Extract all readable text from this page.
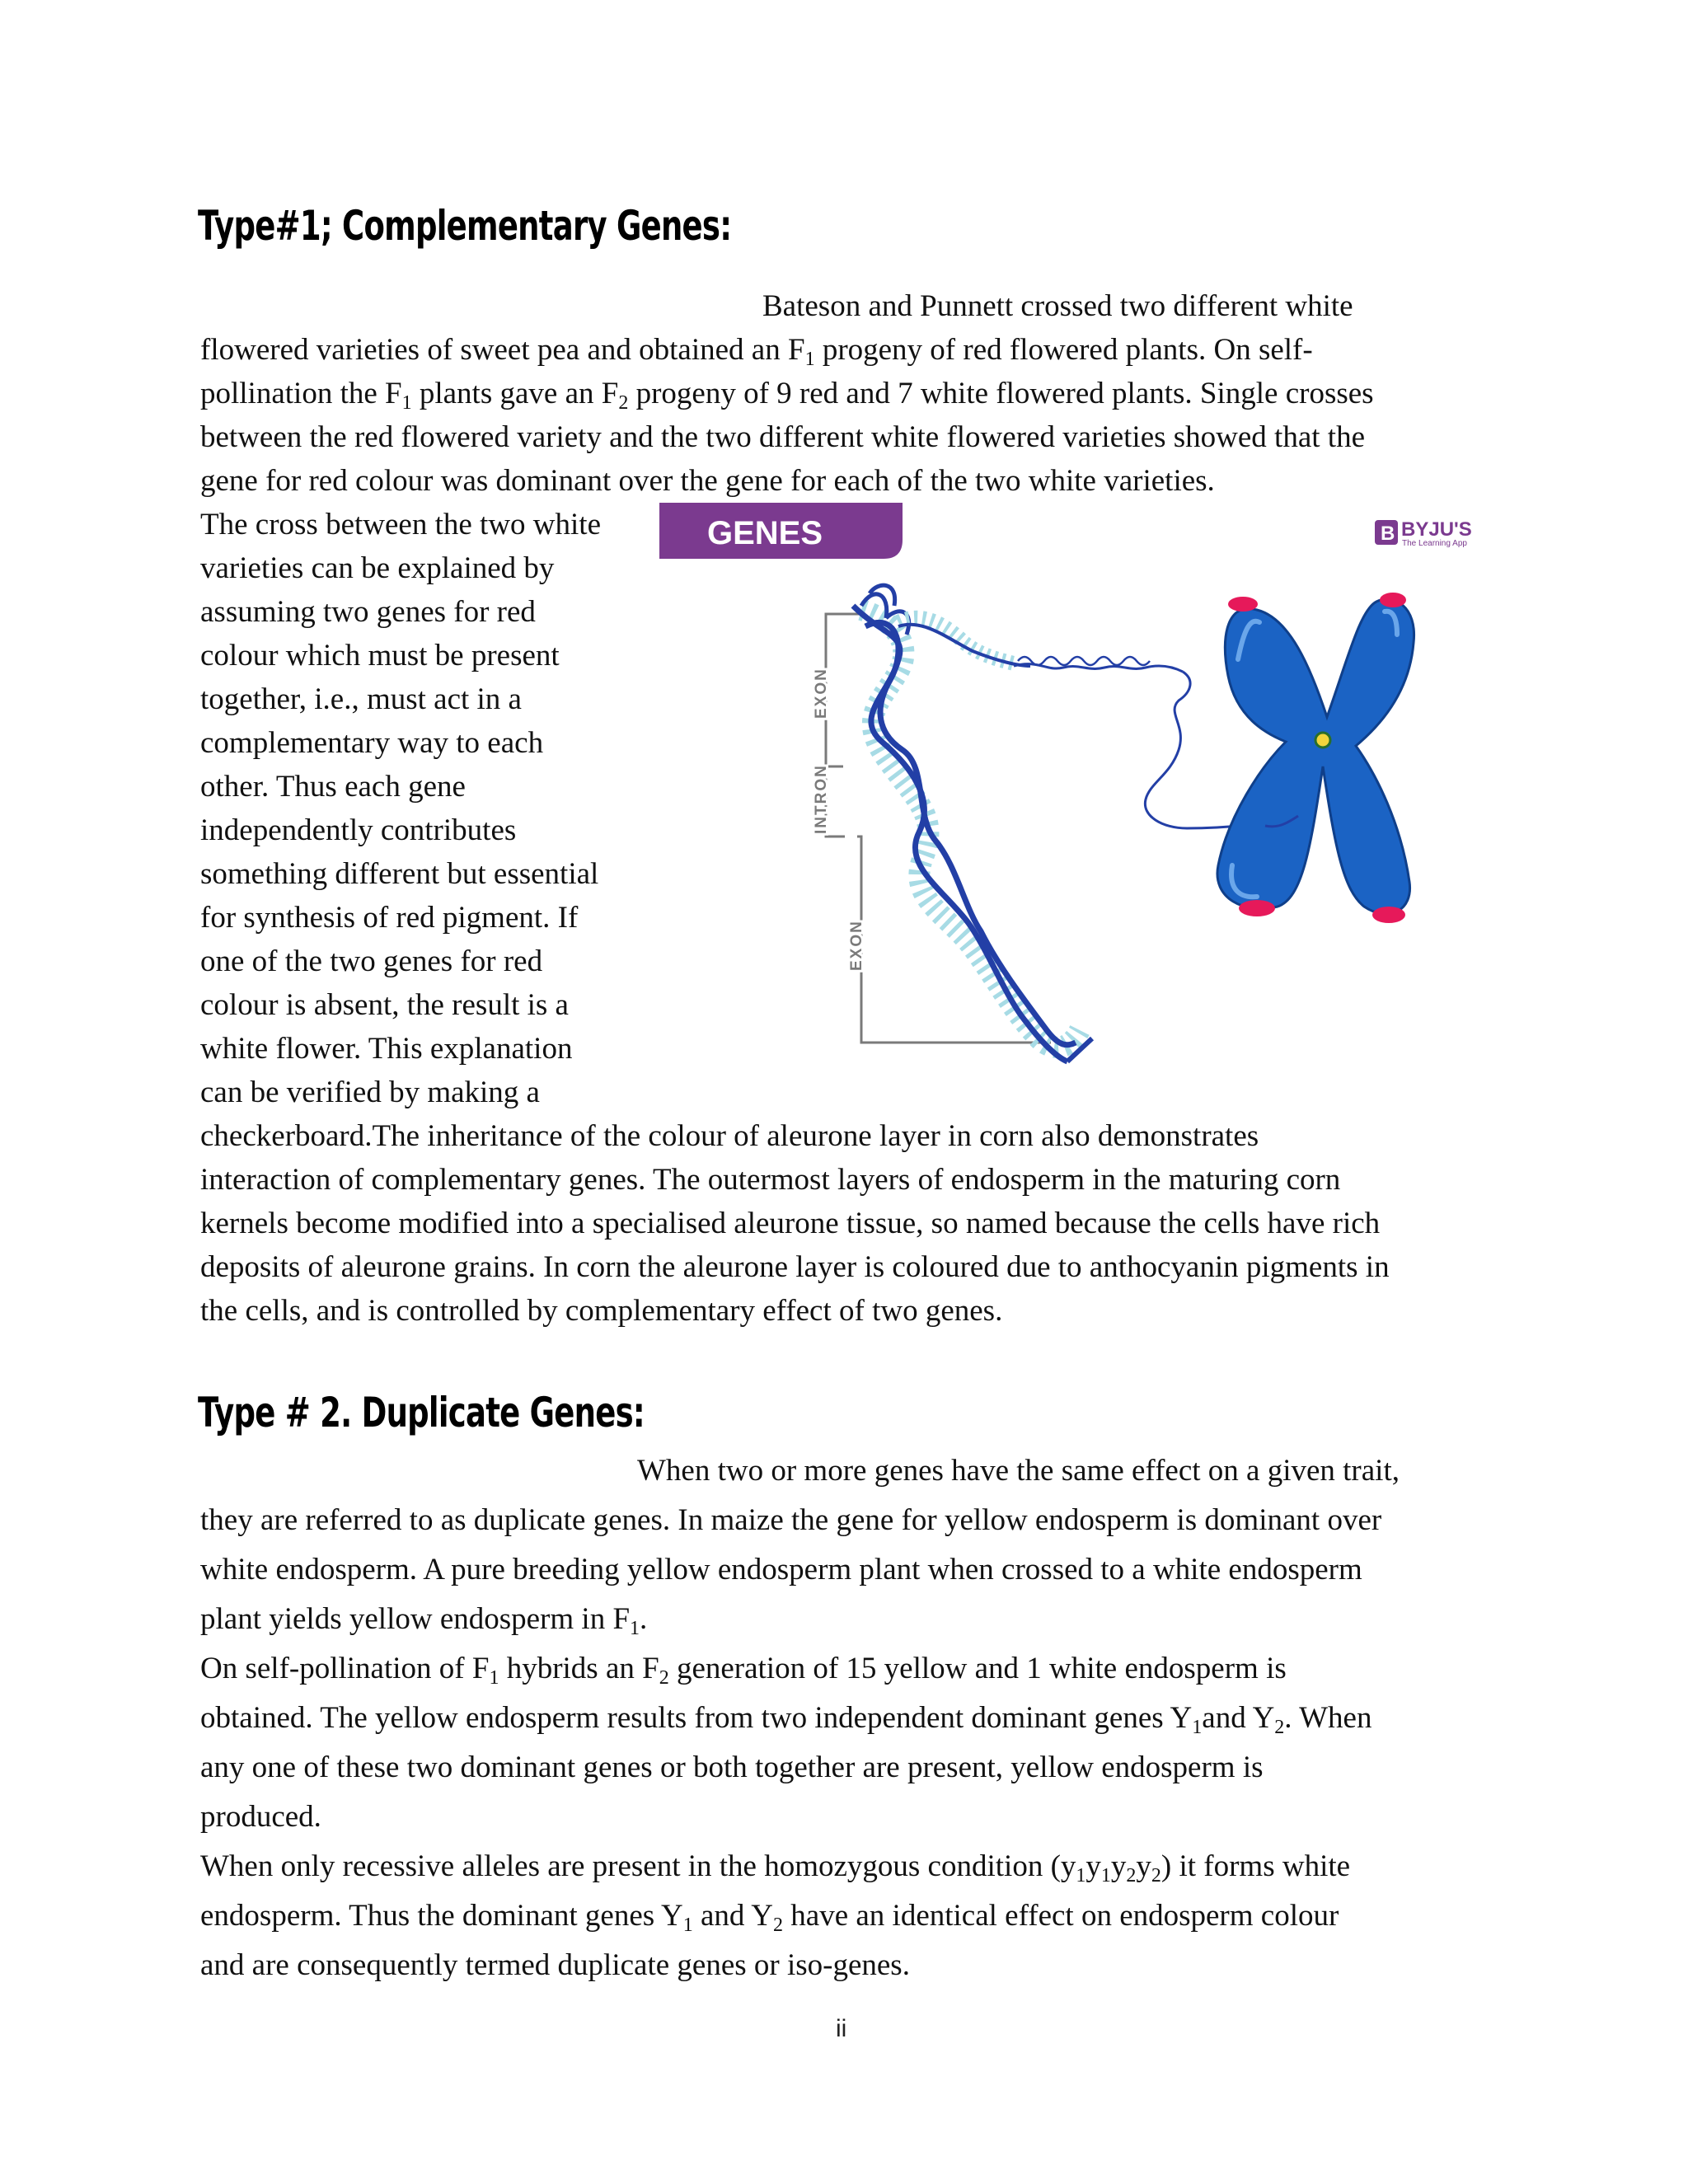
Type#1; Complementary Genes:

Bateson and Punnett crossed two different white

flowered varieties of sweet pea and obtained an $F_1$ progeny of red flowered plants. On self-

pollination the $F_1$ plants gave an $F_2$ progeny of 9 red and 7 white flowered plants. Single crosses

between the red flowered variety and the two different white flowered varieties showed that the

gene for red colour was dominant over the gene for each of the two white varieties.

The cross between the two white

varieties can be explained by

assuming two genes for red

colour which must be present

together, i.e., must act in a

complementary way to each

other. Thus each gene

independently contributes

something different but essential

for synthesis of red pigment. If

one of the two genes for red

colour is absent, the result is a

white flower. This explanation

can be verified by making a

checkerboard.The inheritance of the colour of aleurone layer in corn also demonstrates

interaction of complementary genes. The outermost layers of endosperm in the maturing corn

kernels become modified into a specialised aleurone tissue, so named because the cells have rich

deposits of aleurone grains. In corn the aleurone layer is coloured due to anthocyanin pigments in

the cells, and is controlled by complementary effect of two genes.

GENES	B BYJU'S
The Learning App
EXON
INTRON
EXON
Type # 2. Duplicate Genes:

When two or more genes have the same effect on a given trait,

they are referred to as duplicate genes. In maize the gene for yellow endosperm is dominant over

white endosperm. A pure breeding yellow endosperm plant when crossed to a white endosperm

plant yields yellow endosperm in $F_1$.

On self-pollination of $F_1$ hybrids an $F_2$ generation of 15 yellow and 1 white endosperm is

obtained. The yellow endosperm results from two independent dominant genes $Y_1and$ $Y_2$. When

any one of these two dominant genes or both together are present, yellow endosperm is

produced.

When only recessive alleles are present in the homozygous condition $(y_1y_1y_2y_2)$ it forms white

endosperm. Thus the dominant genes $Y_1$ and $Y_2$ have an identical effect on endosperm colour

and are consequently termed duplicate genes or iso-genes.

ii
